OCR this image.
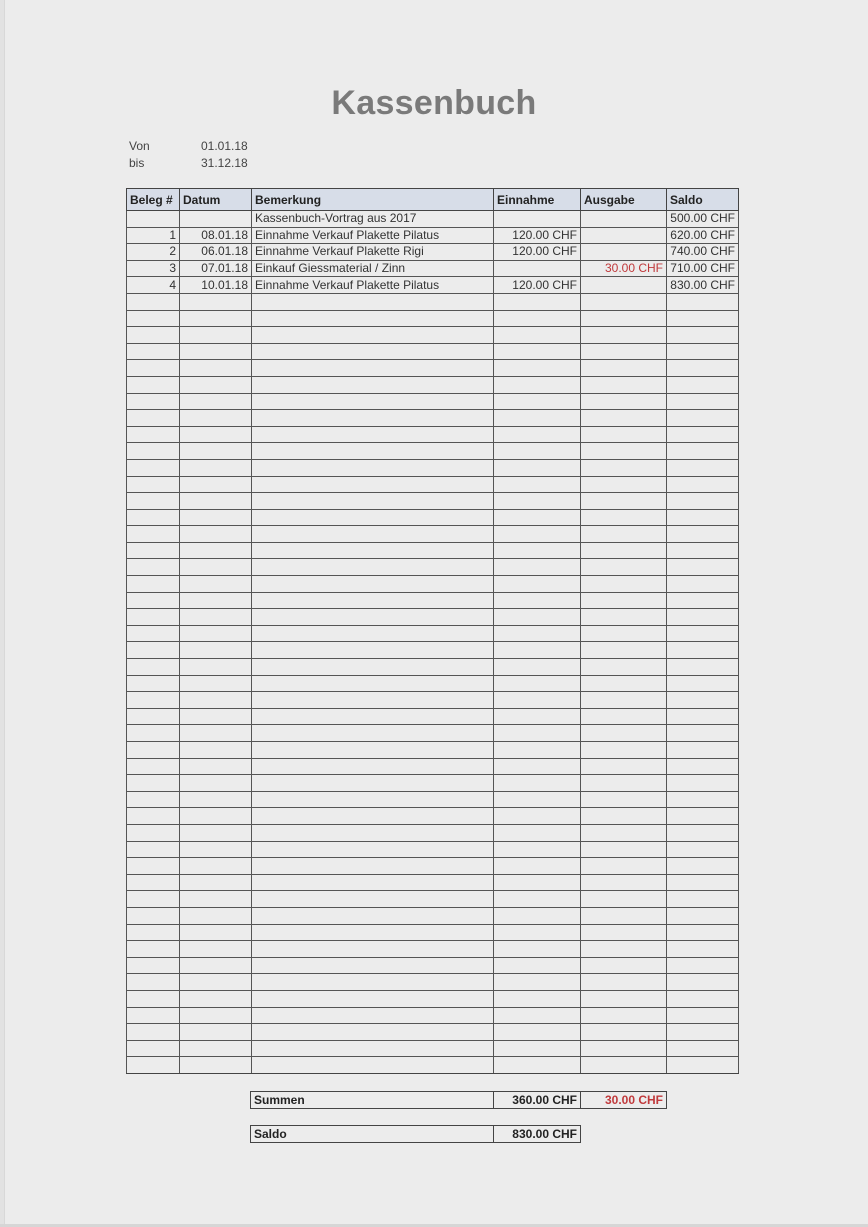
Kassenbuch
Von	01.01.18
bis	31.12.18
Beleg #	Datum	Bemerkung	Einnahme	Ausgabe	Saldo
		Kassenbuch-Vortrag aus 2017			500.00 CHF
1	08.01.18	Einnahme Verkauf Plakette Pilatus	120.00 CHF		620.00 CHF
2	06.01.18	Einnahme Verkauf Plakette Rigi	120.00 CHF		740.00 CHF
3	07.01.18	Einkauf Giessmaterial / Zinn		30.00 CHF	710.00 CHF
4	10.01.18	Einnahme Verkauf Plakette Pilatus	120.00 CHF		830.00 CHF

Summen	360.00 CHF	30.00 CHF
Saldo	830.00 CHF
